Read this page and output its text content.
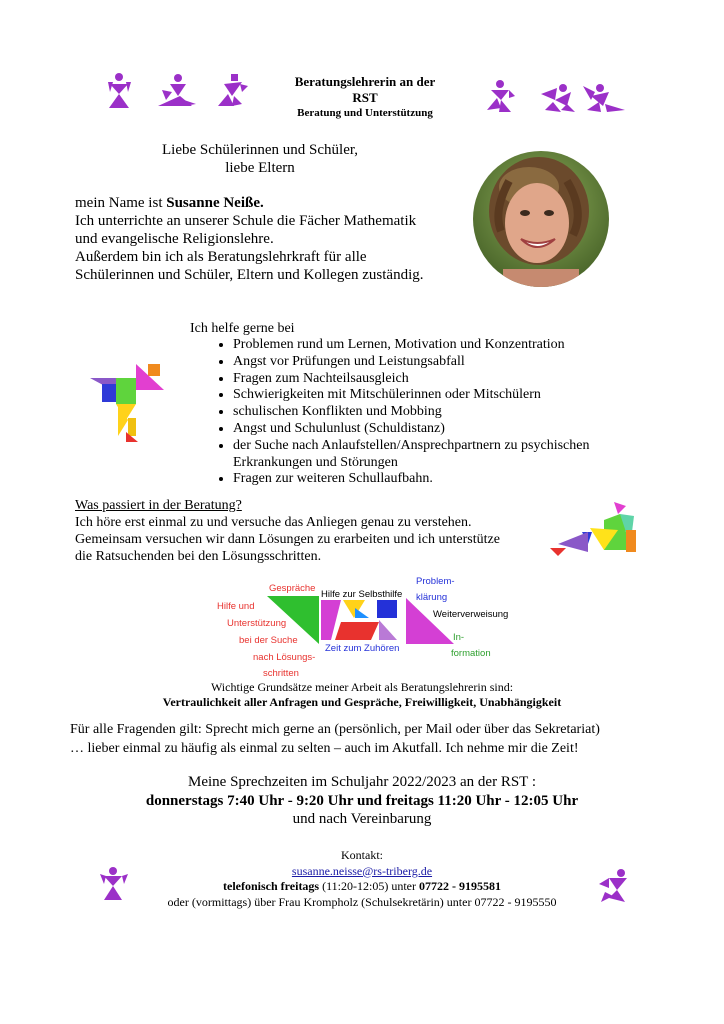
Beratungslehrerin an der
RST
Beratung und Unterstützung
Liebe Schülerinnen und Schüler,
liebe Eltern
mein Name ist Susanne Neiße.
Ich unterrichte an unserer Schule die Fächer Mathematik
und evangelische Religionslehre.
Außerdem bin ich als Beratungslehrkraft für alle
Schülerinnen und Schüler, Eltern und Kollegen zuständig.
Ich helfe gerne bei
• Problemen rund um Lernen, Motivation und Konzentration
• Angst vor Prüfungen und Leistungsabfall
• Fragen zum Nachteilsausgleich
• Schwierigkeiten mit Mitschülerinnen oder Mitschülern
• schulischen Konflikten und Mobbing
• Angst und Schulunlust (Schuldistanz)
• der Suche nach Anlaufstellen/Ansprechpartnern zu psychischen Erkrankungen und Störungen
• Fragen zur weiteren Schullaufbahn.
Was passiert in der Beratung?
Ich höre erst einmal zu und versuche das Anliegen genau zu verstehen.
Gemeinsam versuchen wir dann Lösungen zu erarbeiten und ich unterstütze
die Ratsuchenden bei den Lösungsschritten.
Hilfe und
Unterstützung
bei der Suche
nach Lösungs-
schritten
Gespräche
Hilfe zur Selbsthilfe
Zeit zum Zuhören
Problem-
klärung
Weiterverweisung
In-
formation
Wichtige Grundsätze meiner Arbeit als Beratungslehrerin sind:
Vertraulichkeit aller Anfragen und Gespräche, Freiwilligkeit, Unabhängigkeit
Für alle Fragenden gilt: Sprecht mich gerne an (persönlich, per Mail oder über das Sekretariat)
… lieber einmal zu häufig als einmal zu selten – auch im Akutfall. Ich nehme mir die Zeit!
Meine Sprechzeiten im Schuljahr 2022/2023 an der RST :
donnerstags 7:40 Uhr - 9:20 Uhr und freitags 11:20 Uhr - 12:05 Uhr
und nach Vereinbarung
Kontakt:
susanne.neisse@rs-triberg.de
telefonisch freitags (11:20-12:05) unter 07722 - 9195581
oder (vormittags) über Frau Krompholz (Schulsekretärin) unter 07722 - 9195550
